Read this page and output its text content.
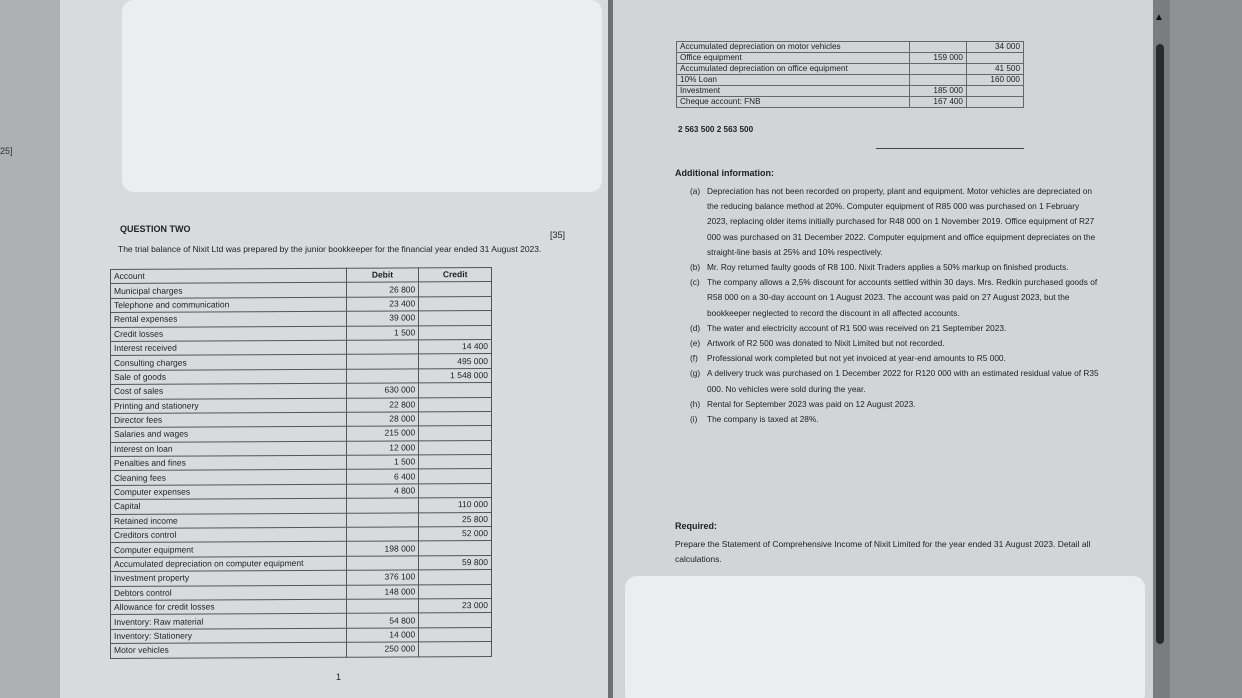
25]
QUESTION TWO
[35]
The trial balance of Nixit Ltd was prepared by the junior bookkeeper for the financial year ended 31 August 2023.
Account	Debit	Credit
Municipal charges	26 800	
Telephone and communication	23 400	
Rental expenses	39 000	
Credit losses	1 500	
Interest received		14 400
Consulting charges		495 000
Sale of goods		1 548 000
Cost of sales	630 000	
Printing and stationery	22 800	
Director fees	28 000	
Salaries and wages	215 000	
Interest on loan	12 000	
Penalties and fines	1 500	
Cleaning fees	6 400	
Computer expenses	4 800	
Capital		110 000
Retained income		25 800
Creditors control		52 000
Computer equipment	198 000	
Accumulated depreciation on computer equipment		59 800
Investment property	376 100	
Debtors control	148 000	
Allowance for credit losses		23 000
Inventory: Raw material	54 800	
Inventory: Stationery	14 000	
Motor vehicles	250 000	
1
Accumulated depreciation on motor vehicles		34 000
Office equipment	159 000	
Accumulated depreciation on office equipment		41 500
10% Loan		160 000
Investment	185 000	
Cheque account: FNB	167 400	
2 563 500 2 563 500
Additional information:
(a) Depreciation has not been recorded on property, plant and equipment. Motor vehicles are depreciated on the reducing balance method at 20%. Computer equipment of R85 000 was purchased on 1 February 2023, replacing older items initially purchased for R48 000 on 1 November 2019. Office equipment of R27 000 was purchased on 31 December 2022. Computer equipment and office equipment depreciates on the straight-line basis at 25% and 10% respectively.
(b) Mr. Roy returned faulty goods of R8 100. Nixit Traders applies a 50% markup on finished products.
(c) The company allows a 2,5% discount for accounts settled within 30 days. Mrs. Redkin purchased goods of R58 000 on a 30-day account on 1 August 2023. The account was paid on 27 August 2023, but the bookkeeper neglected to record the discount in all affected accounts.
(d) The water and electricity account of R1 500 was received on 21 September 2023.
(e) Artwork of R2 500 was donated to Nixit Limited but not recorded.
(f)	Professional work completed but not yet invoiced at year-end amounts to R5 000.
(g) A delivery truck was purchased on 1 December 2022 for R120 000 with an estimated residual value of R35 000. No vehicles were sold during the year.
(h) Rental for September 2023 was paid on 12 August 2023.
(i)	The company is taxed at 28%.
Required:
Prepare the Statement of Comprehensive Income of Nixit Limited for the year ended 31 August 2023. Detail all calculations.
▲
